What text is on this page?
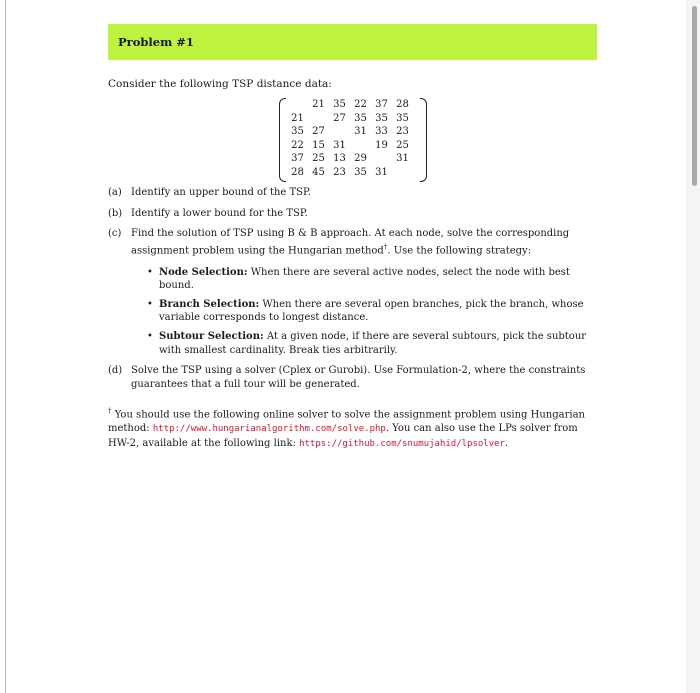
Problem #1
Consider the following TSP distance data:
	21	35	22	37	28
21		27	35	35	35
35	27		31	33	23
22	15	31		19	25
37	25	13	29		31
28	45	23	35	31	
(a) Identify an upper bound of the TSP.
(b) Identify a lower bound for the TSP.
(c) Find the solution of TSP using B & B approach. At each node, solve the corresponding assignment problem using the Hungarian method†. Use the following strategy:
• Node Selection: When there are several active nodes, select the node with best bound.
• Branch Selection: When there are several open branches, pick the branch, whose variable corresponds to longest distance.
• Subtour Selection: At a given node, if there are several subtours, pick the subtour with smallest cardinality. Break ties arbitrarily.
(d) Solve the TSP using a solver (Cplex or Gurobi). Use Formulation-2, where the constraints guarantees that a full tour will be generated.
† You should use the following online solver to solve the assignment problem using Hungarian method: http://www.hungarianalgorithm.com/solve.php. You can also use the LPs solver from HW-2, available at the following link: https://github.com/snumujahid/lpsolver.
